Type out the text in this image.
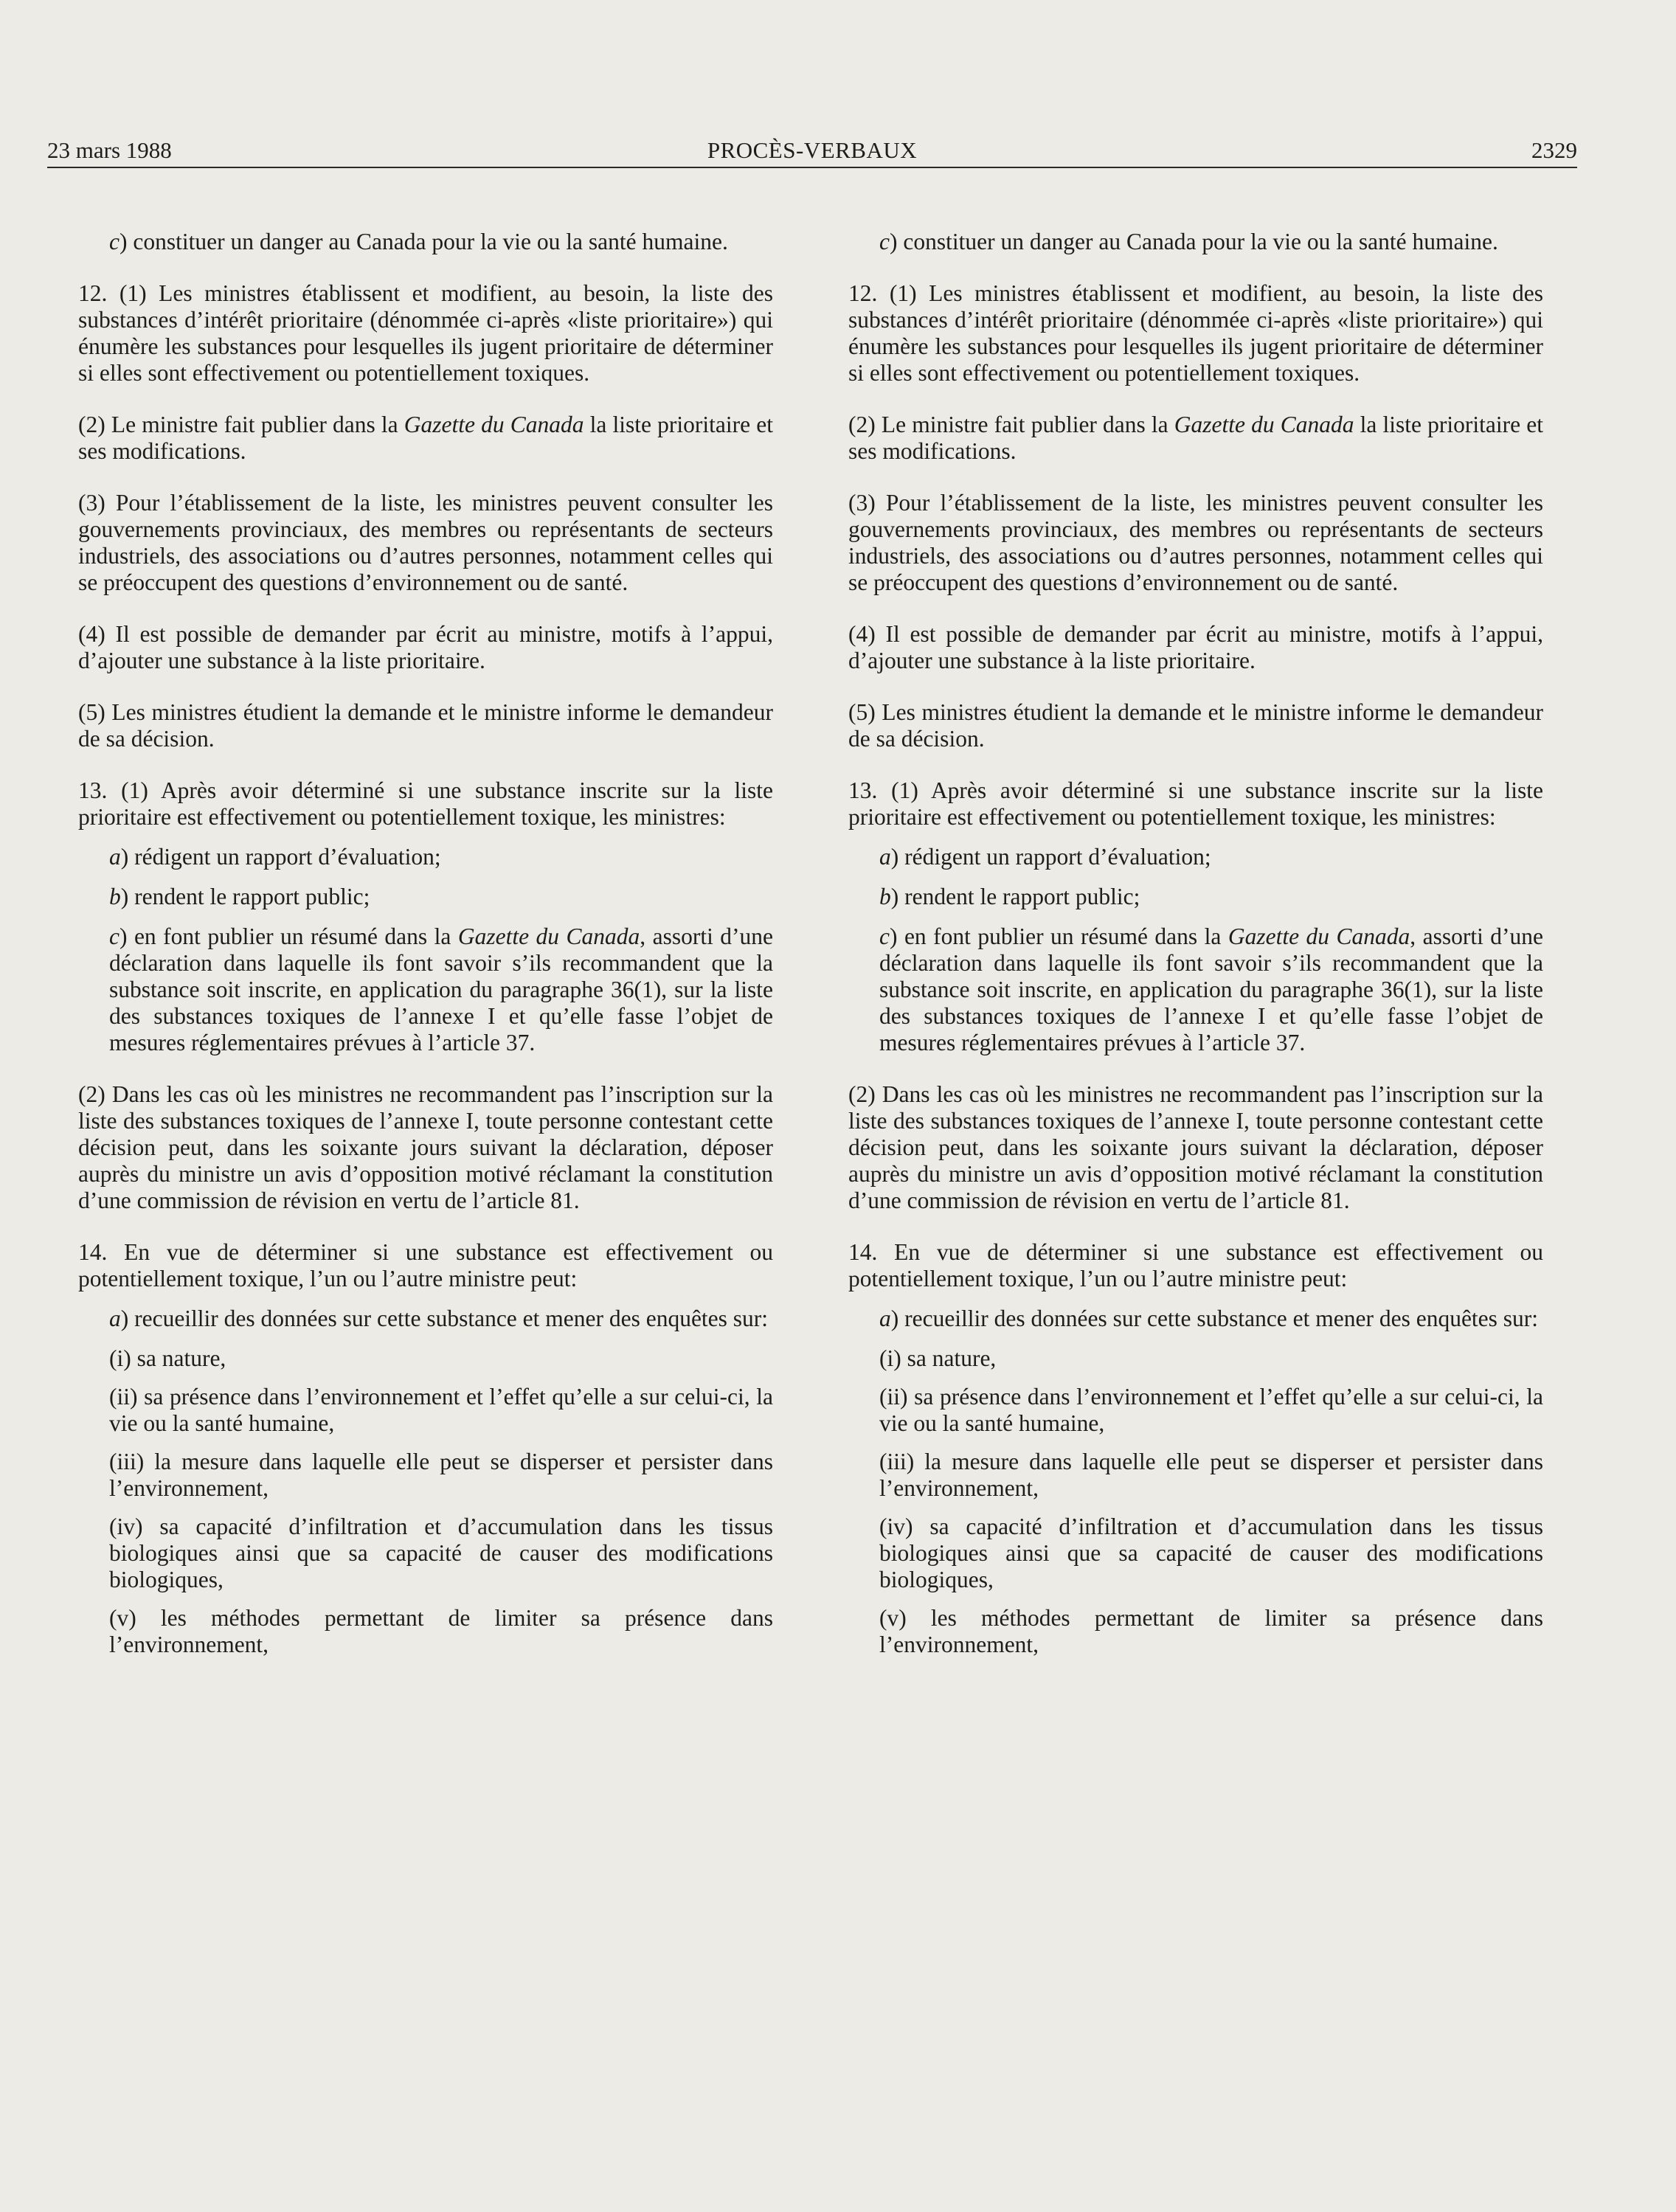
23 mars 1988	PROCÈS-VERBAUX	2329

c) constituer un danger au Canada pour la vie ou la santé humaine.

12. (1) Les ministres établissent et modifient, au besoin, la liste des substances d’intérêt prioritaire (dénommée ci-après «liste prioritaire») qui énumère les substances pour lesquelles ils jugent prioritaire de déterminer si elles sont effectivement ou potentiellement toxiques.

(2) Le ministre fait publier dans la Gazette du Canada la liste prioritaire et ses modifications.

(3) Pour l’établissement de la liste, les ministres peuvent consulter les gouvernements provinciaux, des membres ou représentants de secteurs industriels, des associations ou d’autres personnes, notamment celles qui se préoccupent des questions d’environnement ou de santé.

(4) Il est possible de demander par écrit au ministre, motifs à l’appui, d’ajouter une substance à la liste prioritaire.

(5) Les ministres étudient la demande et le ministre informe le demandeur de sa décision.

13. (1) Après avoir déterminé si une substance inscrite sur la liste prioritaire est effectivement ou potentiellement toxique, les ministres:

a) rédigent un rapport d’évaluation;

b) rendent le rapport public;

c) en font publier un résumé dans la Gazette du Canada, assorti d’une déclaration dans laquelle ils font savoir s’ils recommandent que la substance soit inscrite, en application du paragraphe 36(1), sur la liste des substances toxiques de l’annexe I et qu’elle fasse l’objet de mesures réglementaires prévues à l’article 37.

(2) Dans les cas où les ministres ne recommandent pas l’inscription sur la liste des substances toxiques de l’annexe I, toute personne contestant cette décision peut, dans les soixante jours suivant la déclaration, déposer auprès du ministre un avis d’opposition motivé réclamant la constitution d’une commission de révision en vertu de l’article 81.

14. En vue de déterminer si une substance est effectivement ou potentiellement toxique, l’un ou l’autre ministre peut:

a) recueillir des données sur cette substance et mener des enquêtes sur:

(i) sa nature,

(ii) sa présence dans l’environnement et l’effet qu’elle a sur celui-ci, la vie ou la santé humaine,

(iii) la mesure dans laquelle elle peut se disperser et persister dans l’environnement,

(iv) sa capacité d’infiltration et d’accumulation dans les tissus biologiques ainsi que sa capacité de causer des modifications biologiques,

(v) les méthodes permettant de limiter sa présence dans l’environnement,

c) constituer un danger au Canada pour la vie ou la santé humaine.

12. (1) Les ministres établissent et modifient, au besoin, la liste des substances d’intérêt prioritaire (dénommée ci-après «liste prioritaire») qui énumère les substances pour lesquelles ils jugent prioritaire de déterminer si elles sont effectivement ou potentiellement toxiques.

(2) Le ministre fait publier dans la Gazette du Canada la liste prioritaire et ses modifications.

(3) Pour l’établissement de la liste, les ministres peuvent consulter les gouvernements provinciaux, des membres ou représentants de secteurs industriels, des associations ou d’autres personnes, notamment celles qui se préoccupent des questions d’environnement ou de santé.

(4) Il est possible de demander par écrit au ministre, motifs à l’appui, d’ajouter une substance à la liste prioritaire.

(5) Les ministres étudient la demande et le ministre informe le demandeur de sa décision.

13. (1) Après avoir déterminé si une substance inscrite sur la liste prioritaire est effectivement ou potentiellement toxique, les ministres:

a) rédigent un rapport d’évaluation;

b) rendent le rapport public;

c) en font publier un résumé dans la Gazette du Canada, assorti d’une déclaration dans laquelle ils font savoir s’ils recommandent que la substance soit inscrite, en application du paragraphe 36(1), sur la liste des substances toxiques de l’annexe I et qu’elle fasse l’objet de mesures réglementaires prévues à l’article 37.

(2) Dans les cas où les ministres ne recommandent pas l’inscription sur la liste des substances toxiques de l’annexe I, toute personne contestant cette décision peut, dans les soixante jours suivant la déclaration, déposer auprès du ministre un avis d’opposition motivé réclamant la constitution d’une commission de révision en vertu de l’article 81.

14. En vue de déterminer si une substance est effectivement ou potentiellement toxique, l’un ou l’autre ministre peut:

a) recueillir des données sur cette substance et mener des enquêtes sur:

(i) sa nature,

(ii) sa présence dans l’environnement et l’effet qu’elle a sur celui-ci, la vie ou la santé humaine,

(iii) la mesure dans laquelle elle peut se disperser et persister dans l’environnement,

(iv) sa capacité d’infiltration et d’accumulation dans les tissus biologiques ainsi que sa capacité de causer des modifications biologiques,

(v) les méthodes permettant de limiter sa présence dans l’environnement,
